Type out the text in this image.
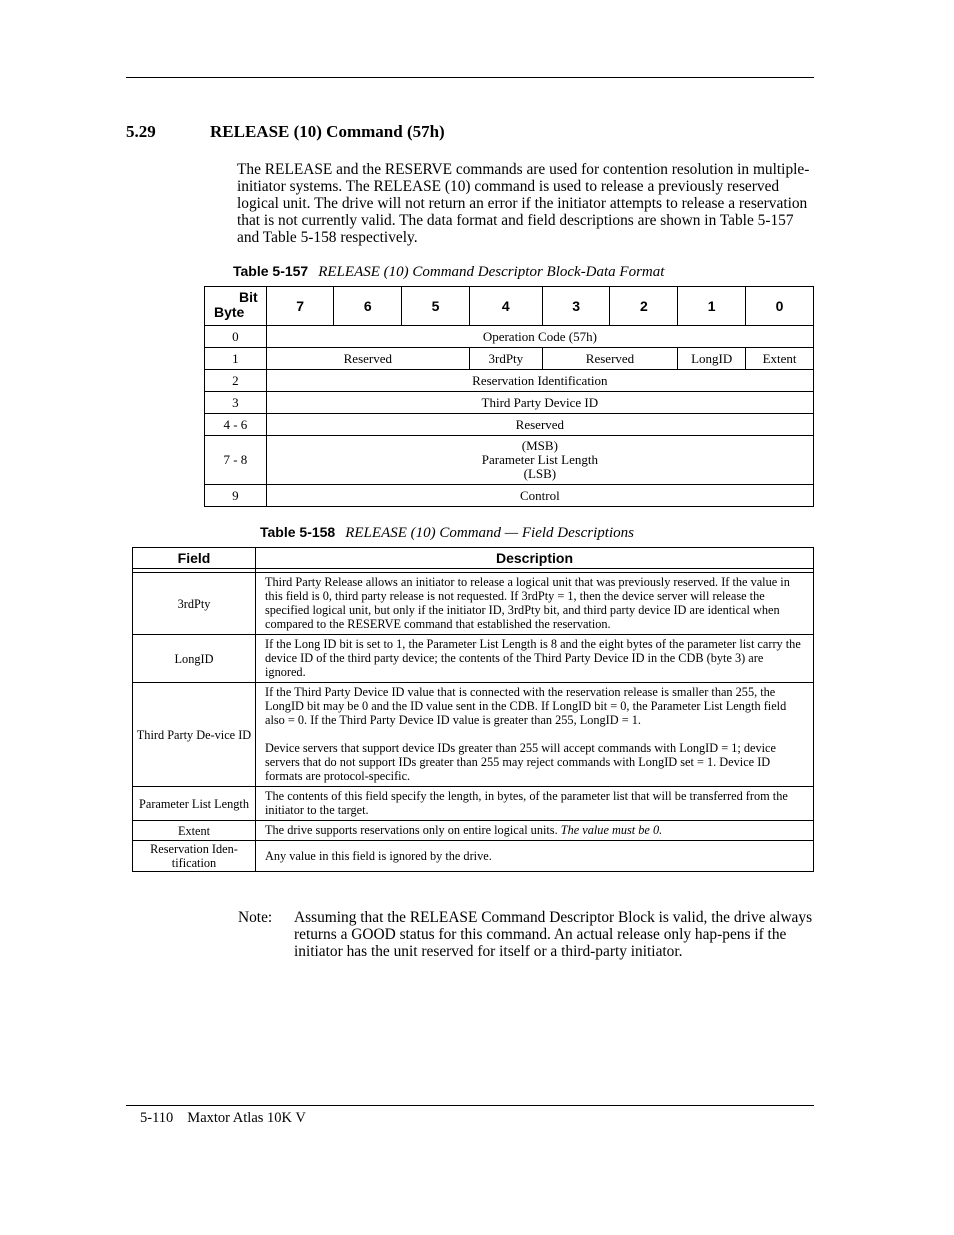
5.29	RELEASE (10) Command (57h)

The RELEASE and the RESERVE commands are used for contention resolution in multiple-initiator systems. The RELEASE (10) command is used to release a previously reserved logical unit. The drive will not return an error if the initiator attempts to release a reservation that is not currently valid. The data format and field descriptions are shown in Table 5-157 and Table 5-158 respectively.

Table 5-157 RELEASE (10) Command Descriptor Block-Data Format
Bit
Byte	7	6	5	4	3	2	1	0
0	Operation Code (57h)							
1	Reserved			3rdPty	Reserved		LongID	Extent
2	Reservation Identification							
3	Third Party Device ID							
4 - 6	Reserved							
7 - 8	(MSB)
Parameter List Length
(LSB)							

9	Control							
Table 5-158 RELEASE (10) Command — Field Descriptions
Field	Description

3rdPty	Third Party Release allows an initiator to release a logical unit that was previously reserved. If the value in this field is 0, third party release is not requested. If 3rdPty = 1, then the device server will release the specified logical unit, but only if the initiator ID, 3rdPty bit, and third party device ID are identical when compared to the RESERVE command that established the reservation.
LongID	If the Long ID bit is set to 1, the Parameter List Length is 8 and the eight bytes of the parameter list carry the device ID of the third party device; the contents of the Third Party Device ID in the CDB (byte 3) are ignored.
Third Party De-vice ID	If the Third Party Device ID value that is connected with the reservation release is smaller than 255, the LongID bit may be 0 and the ID value sent in the CDB. If LongID bit = 0, the Parameter List Length field also = 0. If the Third Party Device ID value is greater than 255, LongID = 1.

Device servers that support device IDs greater than 255 will accept commands with LongID = 1; device servers that do not support IDs greater than 255 may reject commands with LongID set = 1. Device ID formats are protocol-specific.

Parameter List Length	The contents of this field specify the length, in bytes, of the parameter list that will be transferred from the initiator to the target.
Extent	The drive supports reservations only on entire logical units. The value must be 0.
Reservation Iden-tification	Any value in this field is ignored by the drive.
Note: Assuming that the RELEASE Command Descriptor Block is valid, the drive always returns a GOOD status for this command. An actual release only hap-pens if the initiator has the unit reserved for itself or a third-party initiator.
5-110 Maxtor Atlas 10K V
